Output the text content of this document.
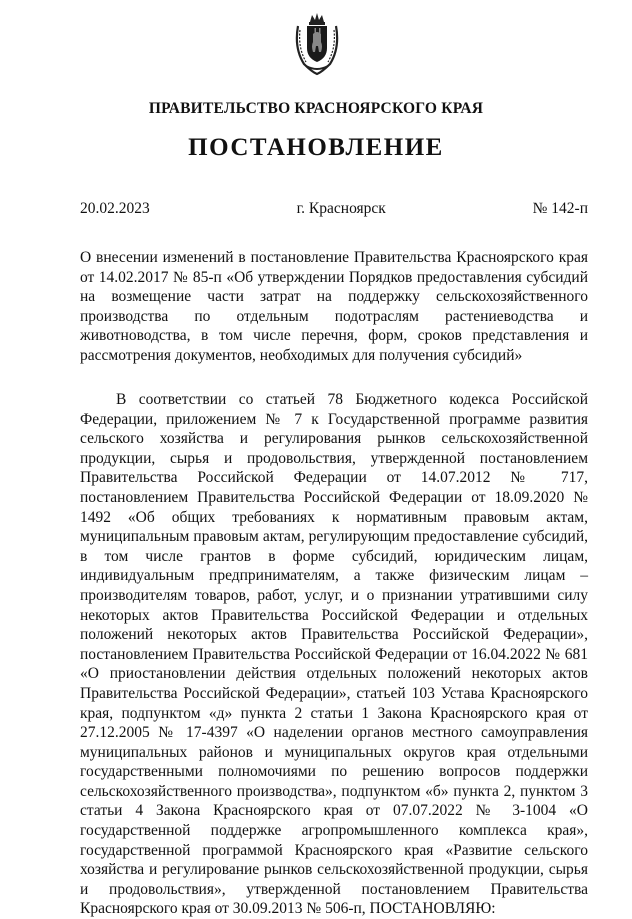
ПРАВИТЕЛЬСТВО КРАСНОЯРСКОГО КРАЯ
ПОСТАНОВЛЕНИЕ
20.02.2023	г. Красноярск	№ 142-п
О внесении изменений в постановление Правительства Красноярского края от 14.02.2017 № 85-п «Об утверждении Порядков предоставления субсидий на возмещение части затрат на поддержку сельскохозяйственного производства по отдельным подотраслям растениеводства и животноводства, в том числе перечня, форм, сроков представления и рассмотрения документов, необходимых для получения субсидий»

В соответствии со статьей 78 Бюджетного кодекса Российской Федерации, приложением № 7 к Государственной программе развития сельского хозяйства и регулирования рынков сельскохозяйственной продукции, сырья и продовольствия, утвержденной постановлением Правительства Российской Федерации от 14.07.2012 № 717, постановлением Правительства Российской Федерации от 18.09.2020 № 1492 «Об общих требованиях к нормативным правовым актам, муниципальным правовым актам, регулирующим предоставление субсидий, в том числе грантов в форме субсидий, юридическим лицам, индивидуальным предпринимателям, а также физическим лицам – производителям товаров, работ, услуг, и о признании утратившими силу некоторых актов Правительства Российской Федерации и отдельных положений некоторых актов Правительства Российской Федерации», постановлением Правительства Российской Федерации от 16.04.2022 № 681 «О приостановлении действия отдельных положений некоторых актов Правительства Российской Федерации», статьей 103 Устава Красноярского края, подпунктом «д» пункта 2 статьи 1 Закона Красноярского края от 27.12.2005 № 17-4397 «О наделении органов местного самоуправления муниципальных районов и муниципальных округов края отдельными государственными полномочиями по решению вопросов поддержки сельскохозяйственного производства», подпунктом «б» пункта 2, пунктом 3 статьи 4 Закона Красноярского края от 07.07.2022 № 3-1004 «О государственной поддержке агропромышленного комплекса края», государственной программой Красноярского края «Развитие сельского хозяйства и регулирование рынков сельскохозяйственной продукции, сырья и продовольствия», утвержденной постановлением Правительства Красноярского края от 30.09.2013 № 506-п, ПОСТАНОВЛЯЮ:
